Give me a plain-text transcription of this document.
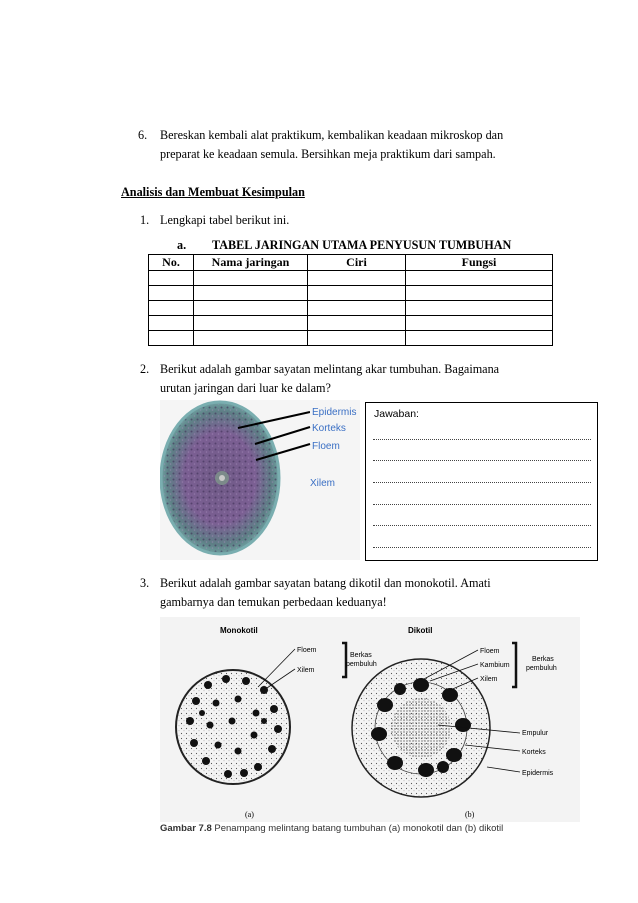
6.	Bereskan kembali alat praktikum, kembalikan keadaan mikroskop dan
preparat ke keadaan semula. Bersihkan meja praktikum dari sampah.
Analisis dan Membuat Kesimpulan
1. Lengkapi tabel berikut ini.
a. TABEL JARINGAN UTAMA PENYUSUN TUMBUHAN
No.	Nama jaringan	Ciri	Fungsi

2. Berikut adalah gambar sayatan melintang akar tumbuhan. Bagaimana
urutan jaringan dari luar ke dalam?
Epidermis
Korteks
Floem
Xilem
Jawaban:
3. Berikut adalah gambar sayatan batang dikotil dan monokotil. Amati
gambarnya dan temukan perbedaan keduanya!
Monokotil
Floem
Xilem
Berkas
pembuluh
(a)
Dikotil
Floem
Kambium
Xilem
Berkas
pembuluh
Empulur
Korteks
Epidermis
(b)
Gambar 7.8 Penampang melintang batang tumbuhan (a) monokotil dan (b) dikotil
